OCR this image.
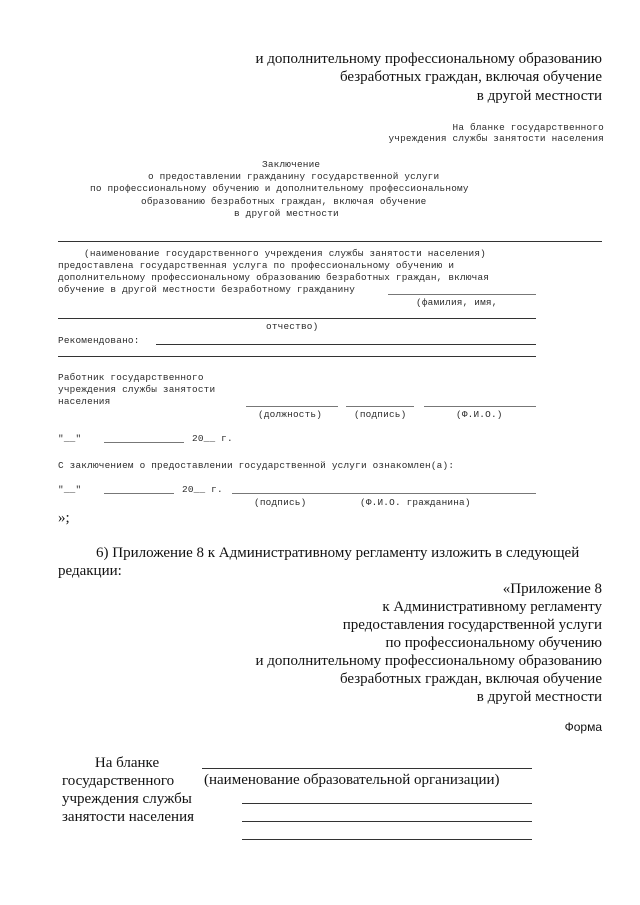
и дополнительному профессиональному образованию
безработных граждан, включая обучение
в другой местности
На бланке государственного
учреждения службы занятости населения
Заключение
о предоставлении гражданину государственной услуги
по профессиональному обучению и дополнительному профессиональному
образованию безработных граждан, включая обучение
в другой местности
(наименование государственного учреждения службы занятости населения)
предоставлена государственная услуга по профессиональному обучению и
дополнительному профессиональному образованию безработных граждан, включая
обучение в другой местности безработному гражданину
(фамилия, имя,
отчество)
Рекомендовано:
Работник государственного
учреждения службы занятости
населения
(должность)	(подпись)	(Ф.И.О.)
"__"	20__ г.
С заключением о предоставлении государственной услуги ознакомлен(а):
"__"	20__ г.
(подпись)	(Ф.И.О. гражданина)
»;
6) Приложение 8 к Административному регламенту изложить в следующей
редакции:
«Приложение 8
к Административному регламенту
предоставления государственной услуги
по профессиональному обучению
и дополнительному профессиональному образованию
безработных граждан, включая обучение
в другой местности
Форма
На бланке
государственного
учреждения службы
занятости населения
(наименование образовательной организации)
